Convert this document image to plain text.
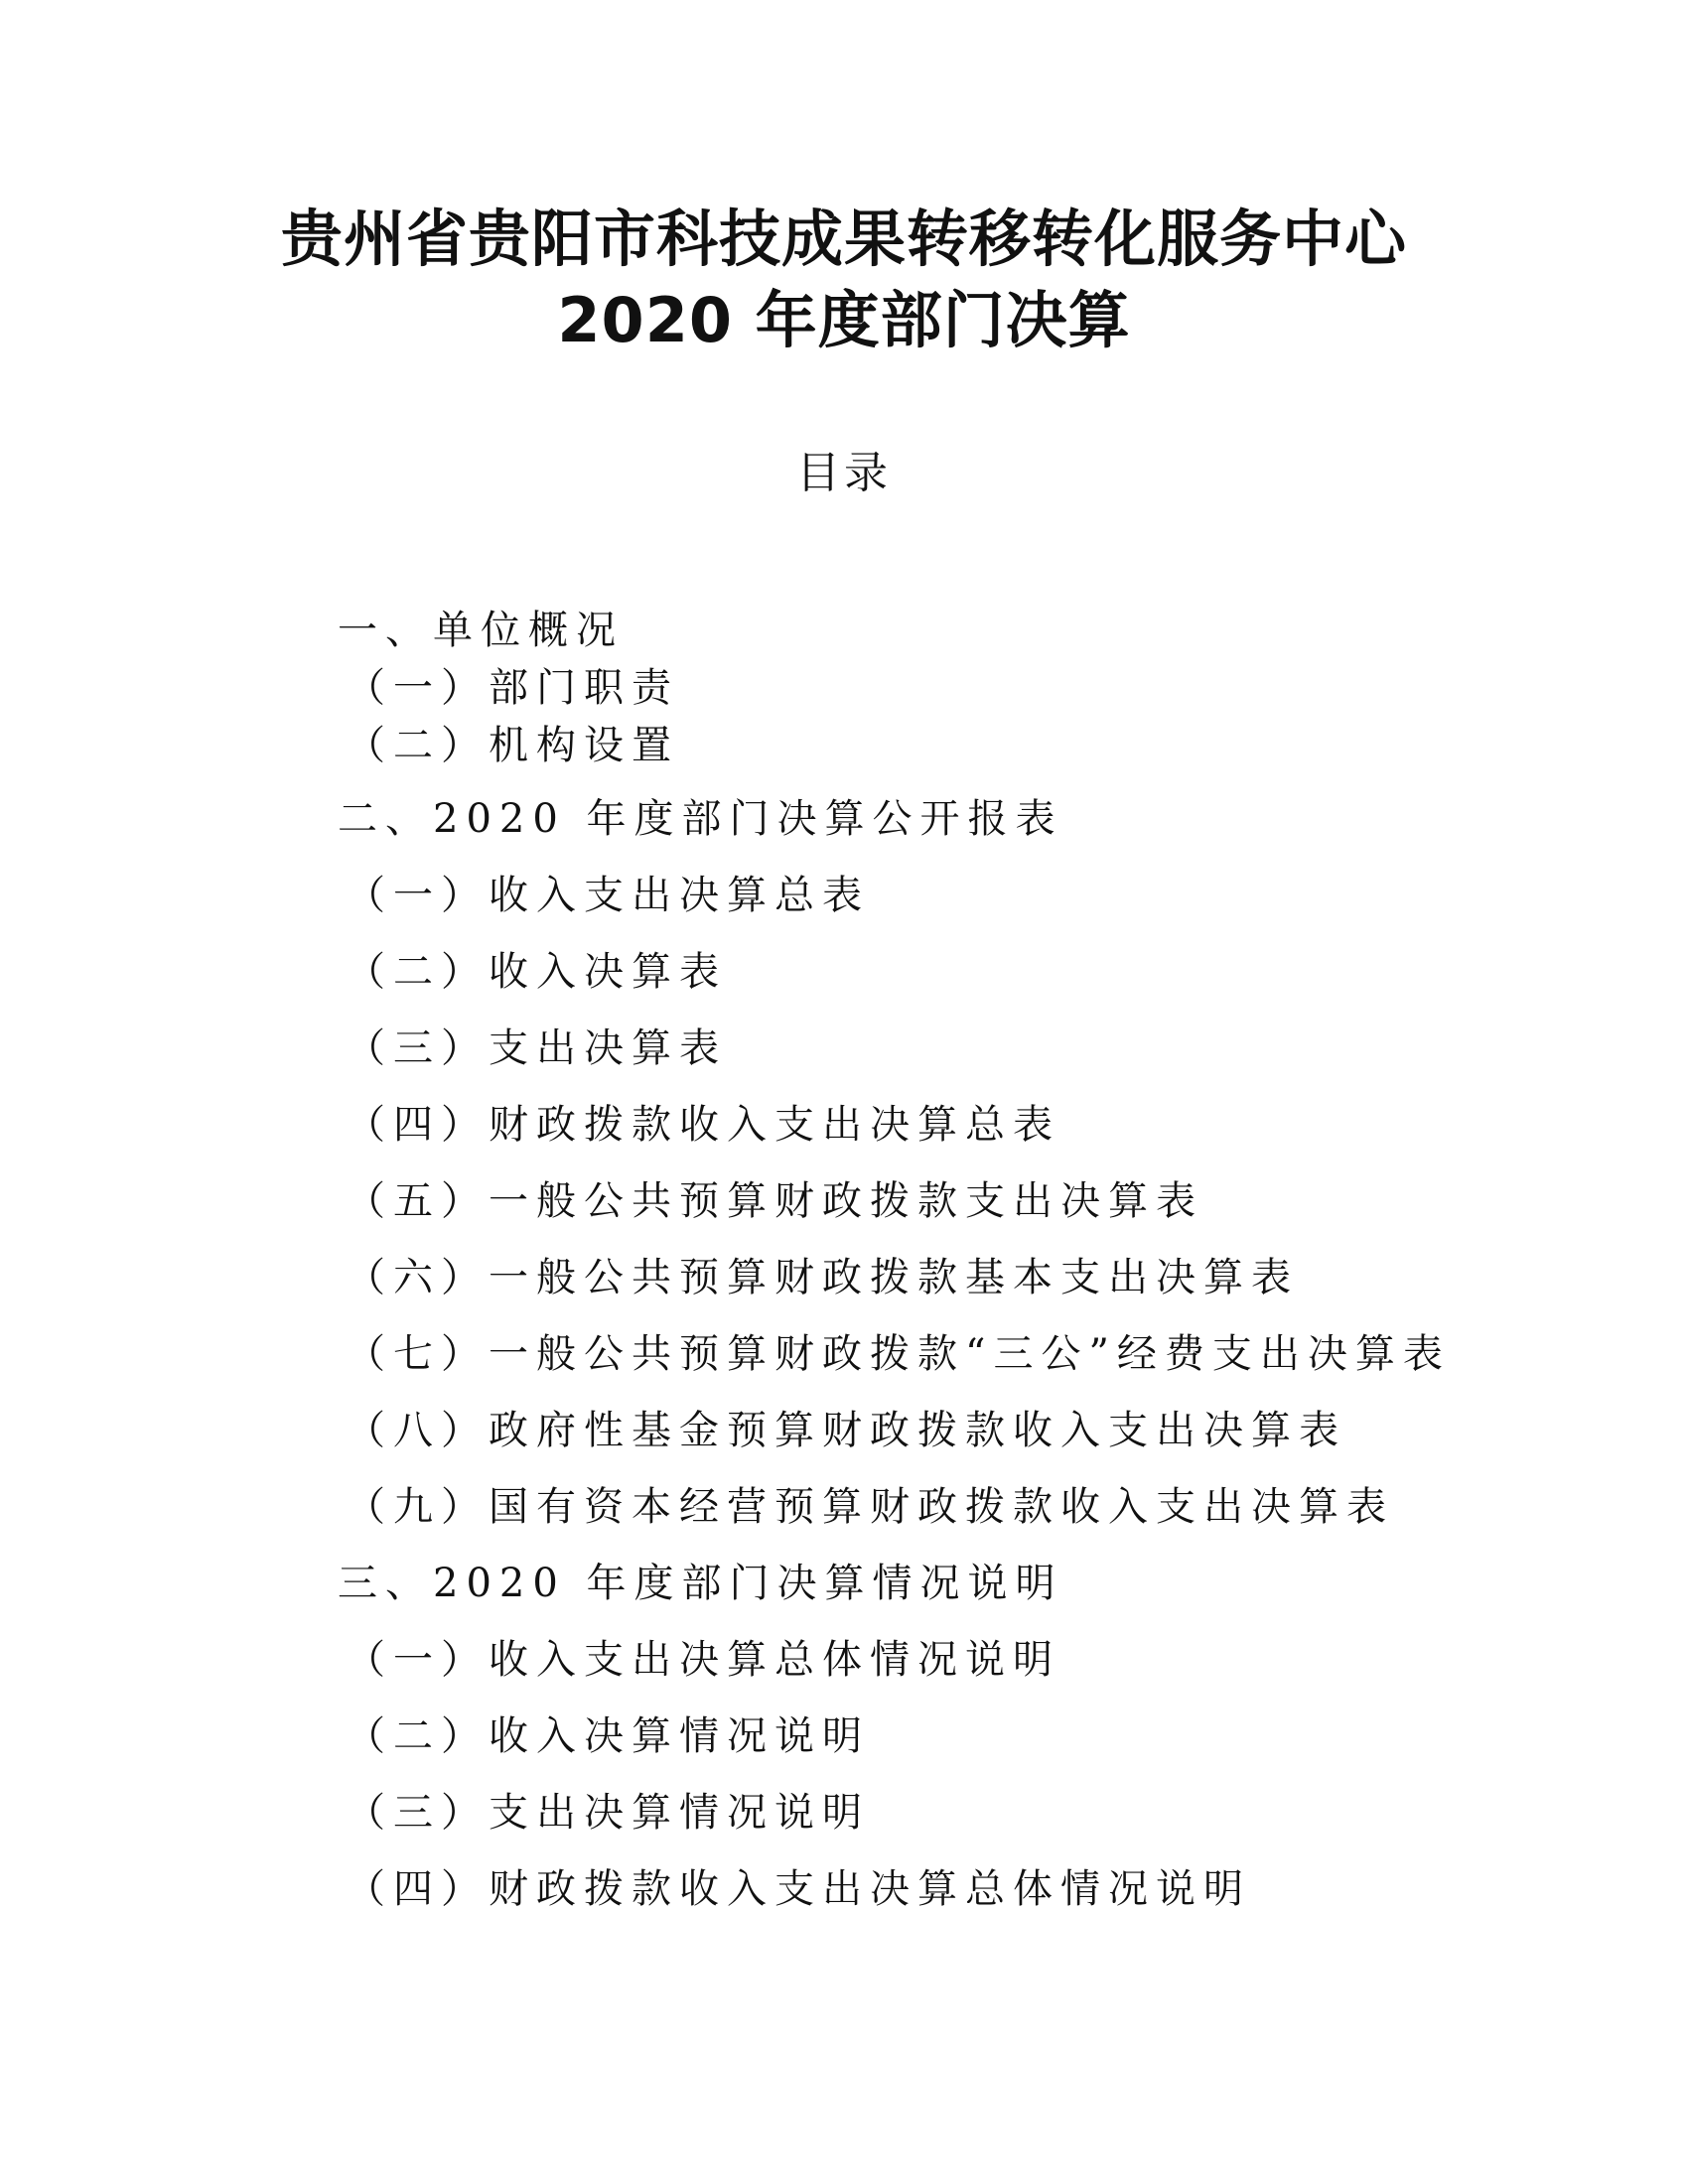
贵州省贵阳市科技成果转移转化服务中心
2020 年度部门决算
目录
一、单位概况
（一）部门职责
（二）机构设置
二、2020 年度部门决算公开报表
（一）收入支出决算总表
（二）收入决算表
（三）支出决算表
（四）财政拨款收入支出决算总表
（五）一般公共预算财政拨款支出决算表
（六）一般公共预算财政拨款基本支出决算表
（七）一般公共预算财政拨款“三公”经费支出决算表
（八）政府性基金预算财政拨款收入支出决算表
（九）国有资本经营预算财政拨款收入支出决算表
三、2020 年度部门决算情况说明
（一）收入支出决算总体情况说明
（二）收入决算情况说明
（三）支出决算情况说明
（四）财政拨款收入支出决算总体情况说明
